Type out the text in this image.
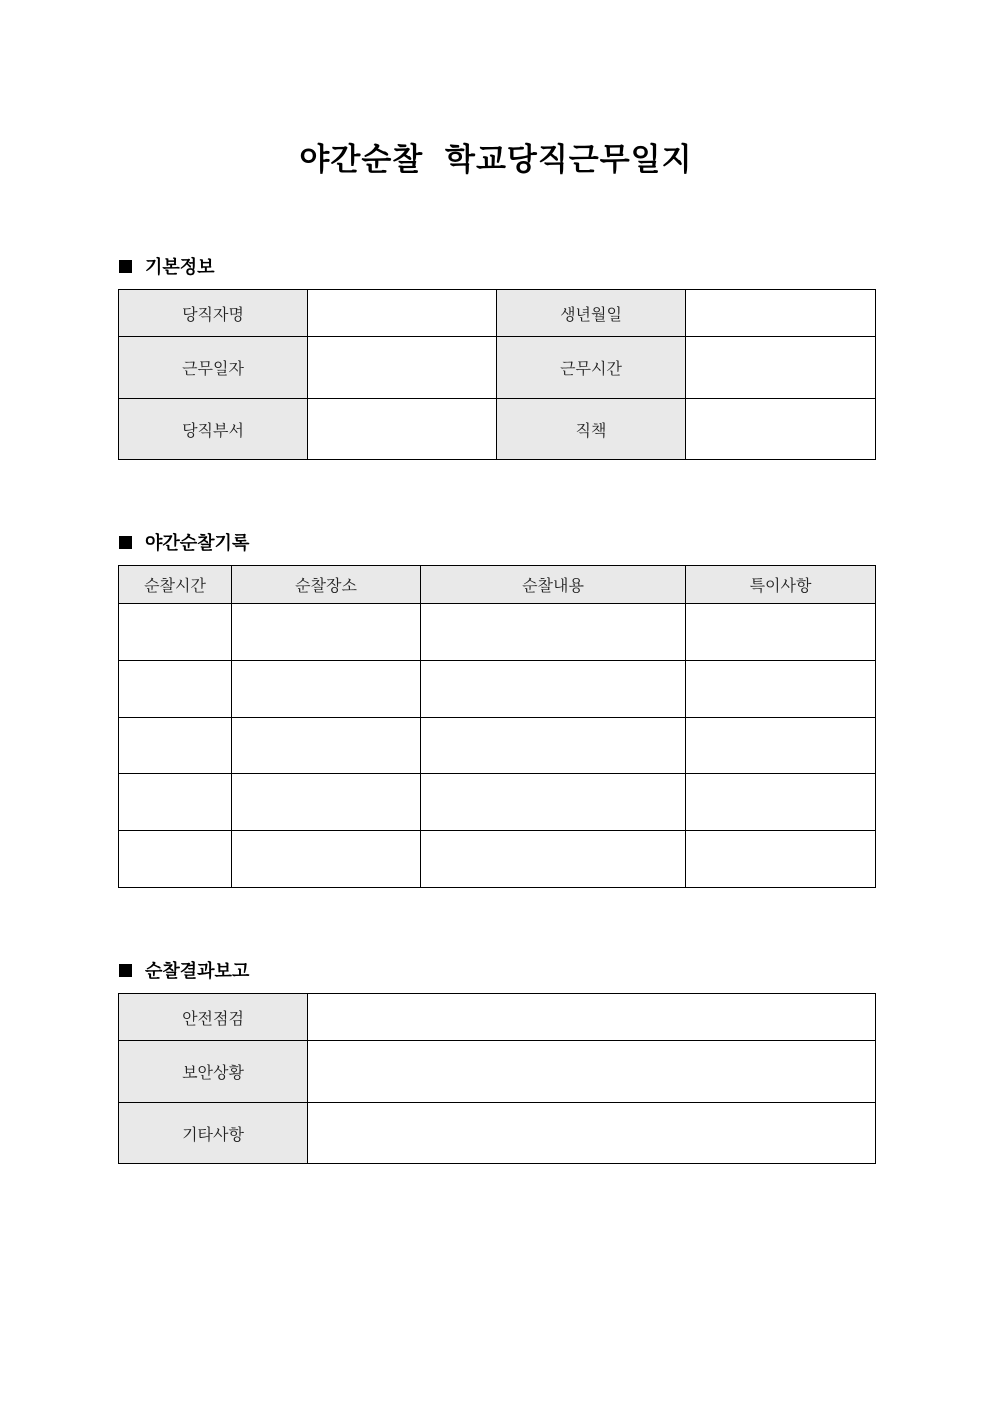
야간순찰 학교당직근무일지
기본정보
당직자명		생년월일	
근무일자		근무시간	
당직부서		직책	
야간순찰기록
순찰시간	순찰장소	순찰내용	특이사항

순찰결과보고
안전점검	
보안상황	
기타사항	
